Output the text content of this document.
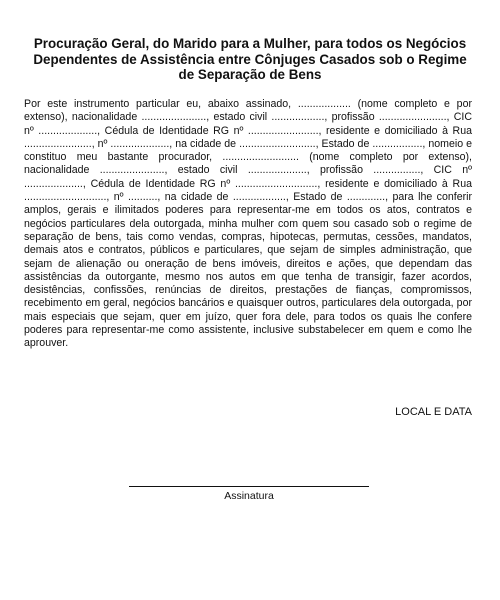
Procuração Geral, do Marido para a Mulher, para todos os Negócios
Dependentes de Assistência entre Cônjuges Casados sob o Regime
de Separação de Bens

Por este instrumento particular eu, abaixo assinado, .................. (nome completo e por extenso), nacionalidade ......................, estado civil .................., profissão ......................., CIC nº ...................., Cédula de Identidade RG nº ........................, residente e domiciliado à Rua ......................., nº ...................., na cidade de .........................., Estado de ................., nomeio e constituo meu bastante procurador, .......................... (nome completo por extenso), nacionalidade ......................, estado civil ...................., profissão ................, CIC nº ...................., Cédula de Identidade RG nº ............................, residente e domiciliado à Rua ............................, nº .........., na cidade de .................., Estado de ............., para lhe conferir amplos, gerais e ilimitados poderes para representar-me em todos os atos, contratos e negócios particulares dela outorgada, minha mulher com quem sou casado sob o regime de separação de bens, tais como vendas, compras, hipotecas, permutas, cessões, mandatos, demais atos e contratos, públicos e particulares, que sejam de simples administração, que sejam de alienação ou oneração de bens imóveis, direitos e ações, que dependam das assistências da outorgante, mesmo nos autos em que tenha de transigir, fazer acordos, desistências, confissões, renúncias de direitos, prestações de fianças, compromissos, recebimento em geral, negócios bancários e quaisquer outros, particulares dela outorgada, por mais especiais que sejam, quer em juízo, quer fora dele, para todos os quais lhe confere poderes para representar-me como assistente, inclusive substabelecer em quem e como lhe aprouver.

LOCAL E DATA
Assinatura
